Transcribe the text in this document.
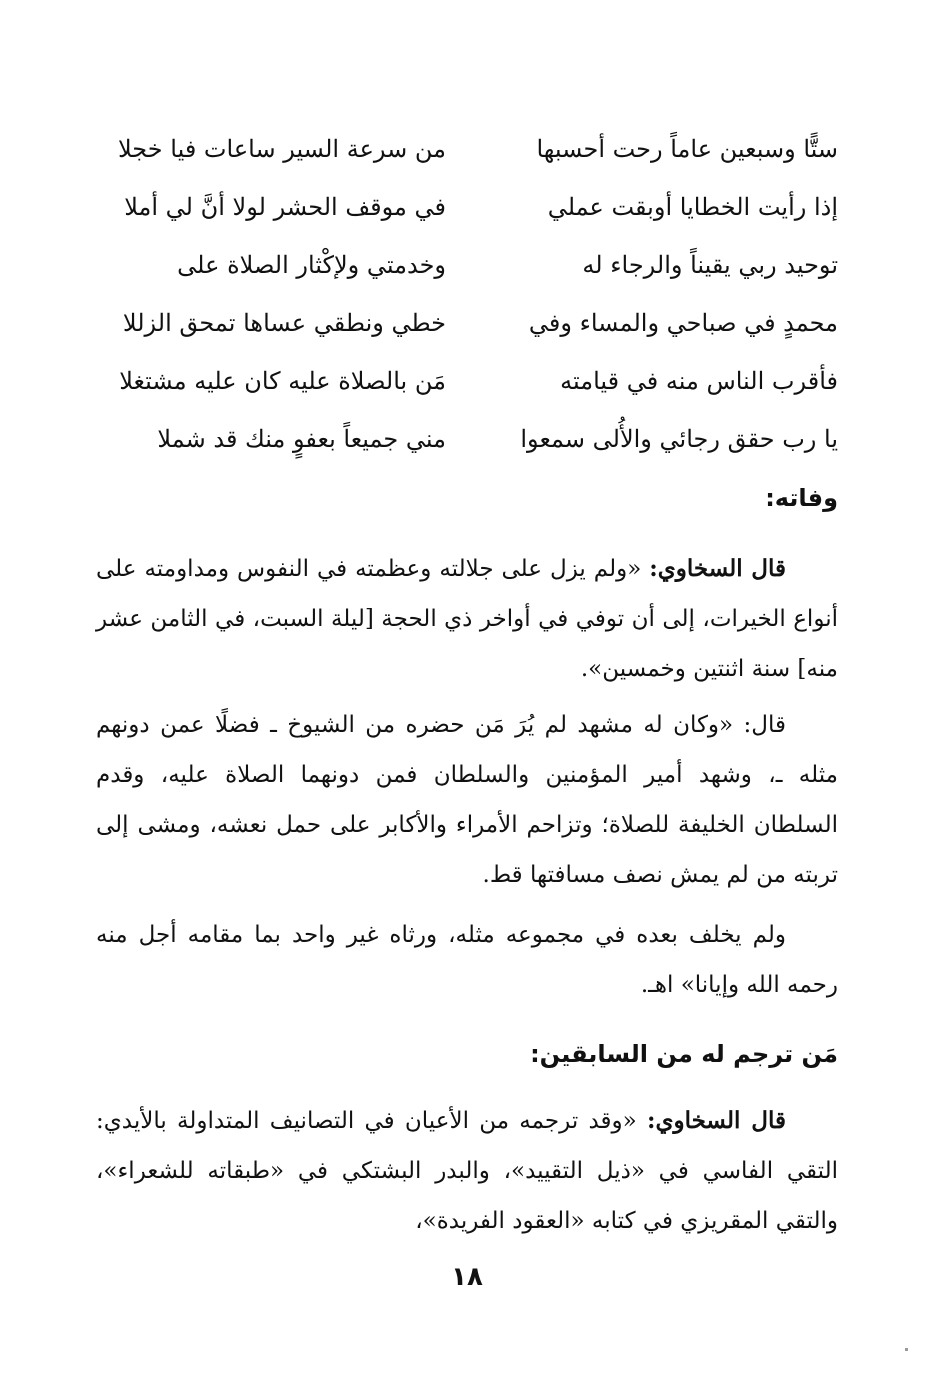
ستًّا وسبعين عاماً رحت أحسبها
من سرعة السير ساعات فيا خجلا
إذا رأيت الخطايا أوبقت عملي
في موقف الحشر لولا أنَّ لي أملا
توحيد ربي يقيناً والرجاء له
وخدمتي ولإكْثار الصلاة على
محمدٍ في صباحي والمساء وفي
خطي ونطقي عساها تمحق الزللا
فأقرب الناس منه في قيامته
مَن بالصلاة عليه كان عليه مشتغلا
يا رب حقق رجائي والأُلى سمعوا
مني جميعاً بعفوٍ منك قد شملا
وفاته:

قال السخاوي: «ولم يزل على جلالته وعظمته في النفوس ومداومته على أنواع الخيرات، إلى أن توفي في أواخر ذي الحجة [ليلة السبت، في الثامن عشر منه] سنة اثنتين وخمسين».

قال: «وكان له مشهد لم يُرَ مَن حضره من الشيوخ ـ فضلًا عمن دونهم مثله ـ، وشهد أمير المؤمنين والسلطان فمن دونهما الصلاة عليه، وقدم السلطان الخليفة للصلاة؛ وتزاحم الأمراء والأكابر على حمل نعشه، ومشى إلى تربته من لم يمش نصف مسافتها قط.

ولم يخلف بعده في مجموعه مثله، ورثاه غير واحد بما مقامه أجل منه رحمه الله وإيانا» اهـ.

مَن ترجم له من السابقين:

قال السخاوي: «وقد ترجمه من الأعيان في التصانيف المتداولة بالأيدي: التقي الفاسي في «ذيل التقييد»، والبدر البشتكي في «طبقاته للشعراء»، والتقي المقريزي في كتابه «العقود الفريدة»،

١٨
